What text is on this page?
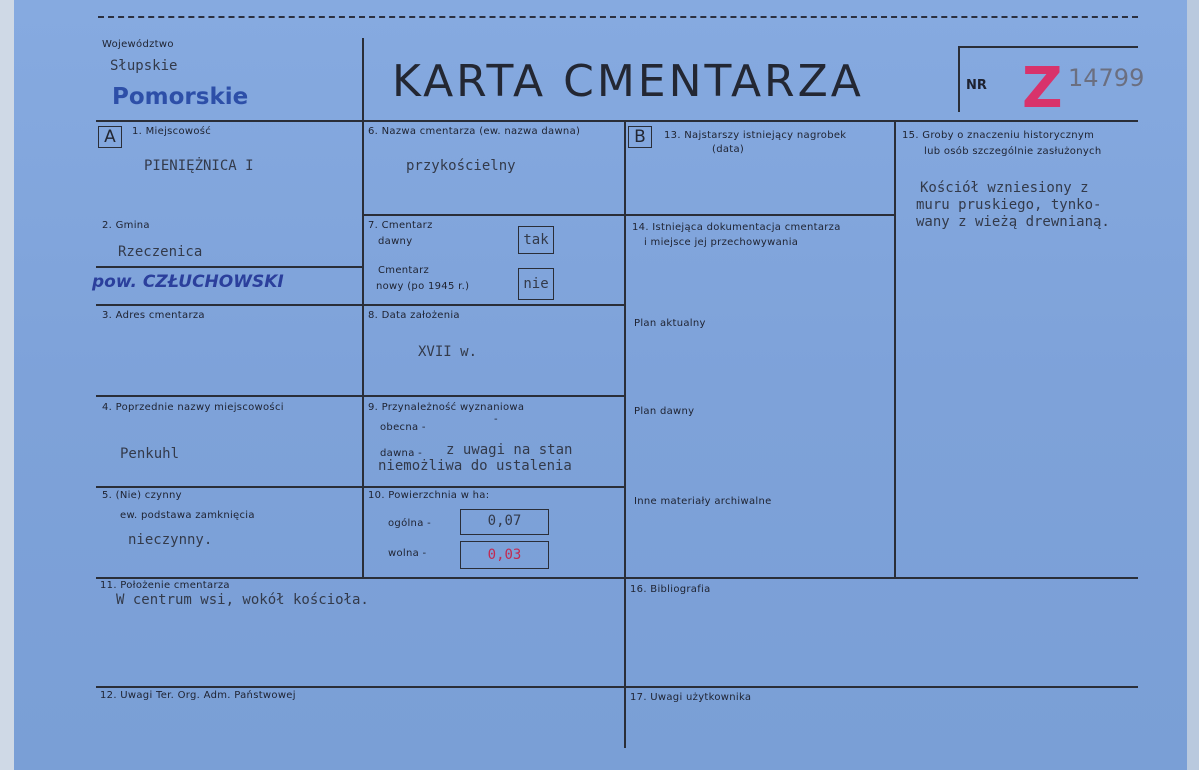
Województwo
Słupskie
Pomorskie	KARTA CMENTARZA	NR Z 14799
A	1. Miejscowość
PIENIĘŻNICA I
2. Gmina
Rzeczenica
pow. CZŁUCHOWSKI
3. Adres cmentarza
4. Poprzednie nazwy miejscowości
Penkuhl
5. (Nie) czynny
ew. podstawa zamknięcia
nieczynny.
6. Nazwa cmentarza (ew. nazwa dawna)
przykościelny
7. Cmentarz
dawny	tak
Cmentarz
nowy (po 1945 r.)	nie
8. Data założenia
XVII w.
9. Przynależność wyznaniowa
obecna -
-
dawna - z uwagi na stan
niemożliwa do ustalenia
10. Powierzchnia w ha:
ogólna -	0,07
wolna -	0,03
B	13. Najstarszy istniejący nagrobek
(data)
14. Istniejąca dokumentacja cmentarza
i miejsce jej przechowywania
Plan aktualny
Plan dawny
Inne materiały archiwalne
15. Groby o znaczeniu historycznym
lub osób szczególnie zasłużonych
Kościół wzniesiony z
muru pruskiego, tynko-
wany z wieżą drewnianą.
11. Położenie cmentarza
W centrum wsi, wokół kościoła.
12. Uwagi Ter. Org. Adm. Państwowej
16. Bibliografia
17. Uwagi użytkownika
